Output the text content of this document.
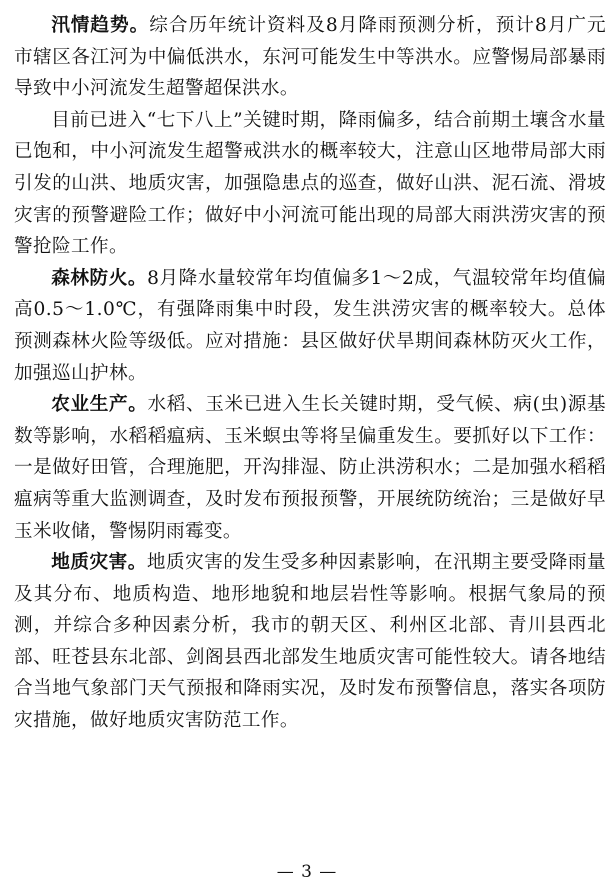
汛情趋势。综合历年统计资料及8月降雨预测分析，预计8月广元市辖区各江河为中偏低洪水，东河可能发生中等洪水。应警惕局部暴雨导致中小河流发生超警超保洪水。

目前已进入“七下八上”关键时期，降雨偏多，结合前期土壤含水量已饱和，中小河流发生超警戒洪水的概率较大，注意山区地带局部大雨引发的山洪、地质灾害，加强隐患点的巡查，做好山洪、泥石流、滑坡灾害的预警避险工作；做好中小河流可能出现的局部大雨洪涝灾害的预警抢险工作。

森林防火。8月降水量较常年均值偏多1～2成，气温较常年均值偏高0.5～1.0℃，有强降雨集中时段，发生洪涝灾害的概率较大。总体预测森林火险等级低。应对措施：县区做好伏旱期间森林防灭火工作，加强巡山护林。

农业生产。水稻、玉米已进入生长关键时期，受气候、病(虫)源基数等影响，水稻稻瘟病、玉米螟虫等将呈偏重发生。要抓好以下工作：一是做好田管，合理施肥，开沟排湿、防止洪涝积水；二是加强水稻稻瘟病等重大监测调查，及时发布预报预警，开展统防统治；三是做好早玉米收储，警惕阴雨霉变。

地质灾害。地质灾害的发生受多种因素影响，在汛期主要受降雨量及其分布、地质构造、地形地貌和地层岩性等影响。根据气象局的预测，并综合多种因素分析，我市的朝天区、利州区北部、青川县西北部、旺苍县东北部、剑阁县西北部发生地质灾害可能性较大。请各地结合当地气象部门天气预报和降雨实况，及时发布预警信息，落实各项防灾措施，做好地质灾害防范工作。

— 3 —
